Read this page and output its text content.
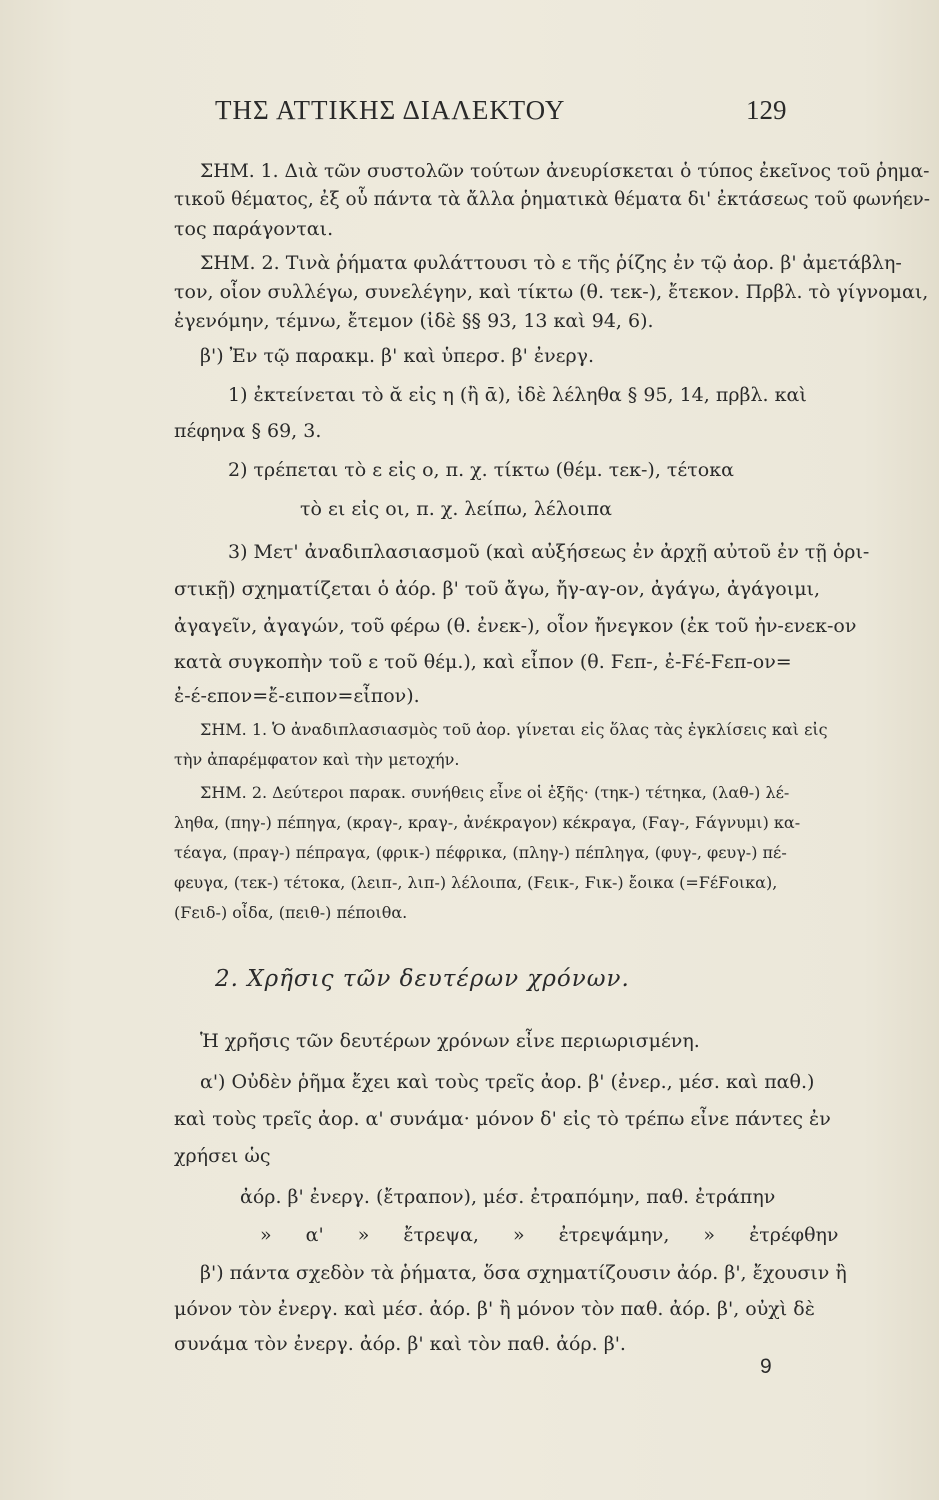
ΤΗΣ ΑΤΤΙΚΗΣ ΔΙΑΛΕΚΤΟΥ	129
ΣΗΜ. 1. Διὰ τῶν συστολῶν τούτων ἀνευρίσκεται ὁ τύπος ἐκεῖνος τοῦ ῥημα-
τικοῦ θέματος, ἐξ οὗ πάντα τὰ ἄλλα ῥηματικὰ θέματα δι' ἐκτάσεως τοῦ φωνήεν-
τος παράγονται.
ΣΗΜ. 2. Τινὰ ῥήματα φυλάττουσι τὸ ε τῆς ῥίζης ἐν τῷ ἀορ. β' ἀμετάβλη-
τον, οἷον συλλέγω, συνελέγην, καὶ τίκτω (θ. τεκ-), ἔτεκον. Πρβλ. τὸ γίγνομαι,
ἐγενόμην, τέμνω, ἔτεμον (ἰδὲ §§ 93, 13 καὶ 94, 6).
β') Ἐν τῷ παρακμ. β' καὶ ὑπερσ. β' ἐνεργ.
1) ἐκτείνεται τὸ ᾰ εἰς η (ἢ ᾱ), ἰδὲ λέληθα § 95, 14, πρβλ. καὶ
πέφηνα § 69, 3.
2) τρέπεται τὸ ε εἰς ο, π. χ. τίκτω (θέμ. τεκ-), τέτοκα
τὸ ει εἰς οι, π. χ. λείπω, λέλοιπα
3) Μετ' ἀναδιπλασιασμοῦ (καὶ αὐξήσεως ἐν ἀρχῇ αὐτοῦ ἐν τῇ ὁρι-
στικῇ) σχηματίζεται ὁ ἀόρ. β' τοῦ ἄγω, ἤγ-αγ-ον, ἀγάγω, ἀγάγοιμι,
ἀγαγεῖν, ἀγαγών, τοῦ φέρω (θ. ἐνεκ-), οἷον ἤνεγκον (ἐκ τοῦ ἠν-ενεκ-ον
κατὰ συγκοπὴν τοῦ ε τοῦ θέμ.), καὶ εἶπον (θ. Ϝεπ-, ἐ-Ϝέ-Ϝεπ-ον=
ἐ-έ-επον=ἔ-ειπον=εἶπον).
ΣΗΜ. 1. Ὁ ἀναδιπλασιασμὸς τοῦ ἀορ. γίνεται εἰς ὅλας τὰς ἐγκλίσεις καὶ εἰς
τὴν ἀπαρέμφατον καὶ τὴν μετοχήν.
ΣΗΜ. 2. Δεύτεροι παρακ. συνήθεις εἶνε οἱ ἑξῆς· (τηκ-) τέτηκα, (λαθ-) λέ-
ληθα, (πηγ-) πέπηγα, (κραγ-, κραγ-, ἀνέκραγον) κέκραγα, (Ϝαγ-, Ϝάγνυμι) κα-
τέαγα, (πραγ-) πέπραγα, (φρικ-) πέφρικα, (πληγ-) πέπληγα, (φυγ-, φευγ-) πέ-
φευγα, (τεκ-) τέτοκα, (λειπ-, λιπ-) λέλοιπα, (Ϝεικ-, Ϝικ-) ἔοικα (=ϜέϜοικα),
(Ϝειδ-) οἶδα, (πειθ-) πέποιθα.
2. Χρῆσις τῶν δευτέρων χρόνων.
Ἡ χρῆσις τῶν δευτέρων χρόνων εἶνε περιωρισμένη.
α') Οὐδὲν ῥῆμα ἔχει καὶ τοὺς τρεῖς ἀορ. β' (ἐνερ., μέσ. καὶ παθ.)
καὶ τοὺς τρεῖς ἀορ. α' συνάμα· μόνον δ' εἰς τὸ τρέπω εἶνε πάντες ἐν
χρήσει ὡς
ἀόρ. β' ἐνεργ. (ἔτραπον), μέσ. ἐτραπόμην, παθ. ἐτράπην
» α' » ἔτρεψα, » ἐτρεψάμην, » ἐτρέφθην
β') πάντα σχεδὸν τὰ ῥήματα, ὅσα σχηματίζουσιν ἀόρ. β', ἔχουσιν ἢ
μόνον τὸν ἐνεργ. καὶ μέσ. ἀόρ. β' ἢ μόνον τὸν παθ. ἀόρ. β', οὐχὶ δὲ
συνάμα τὸν ἐνεργ. ἀόρ. β' καὶ τὸν παθ. ἀόρ. β'.
9
